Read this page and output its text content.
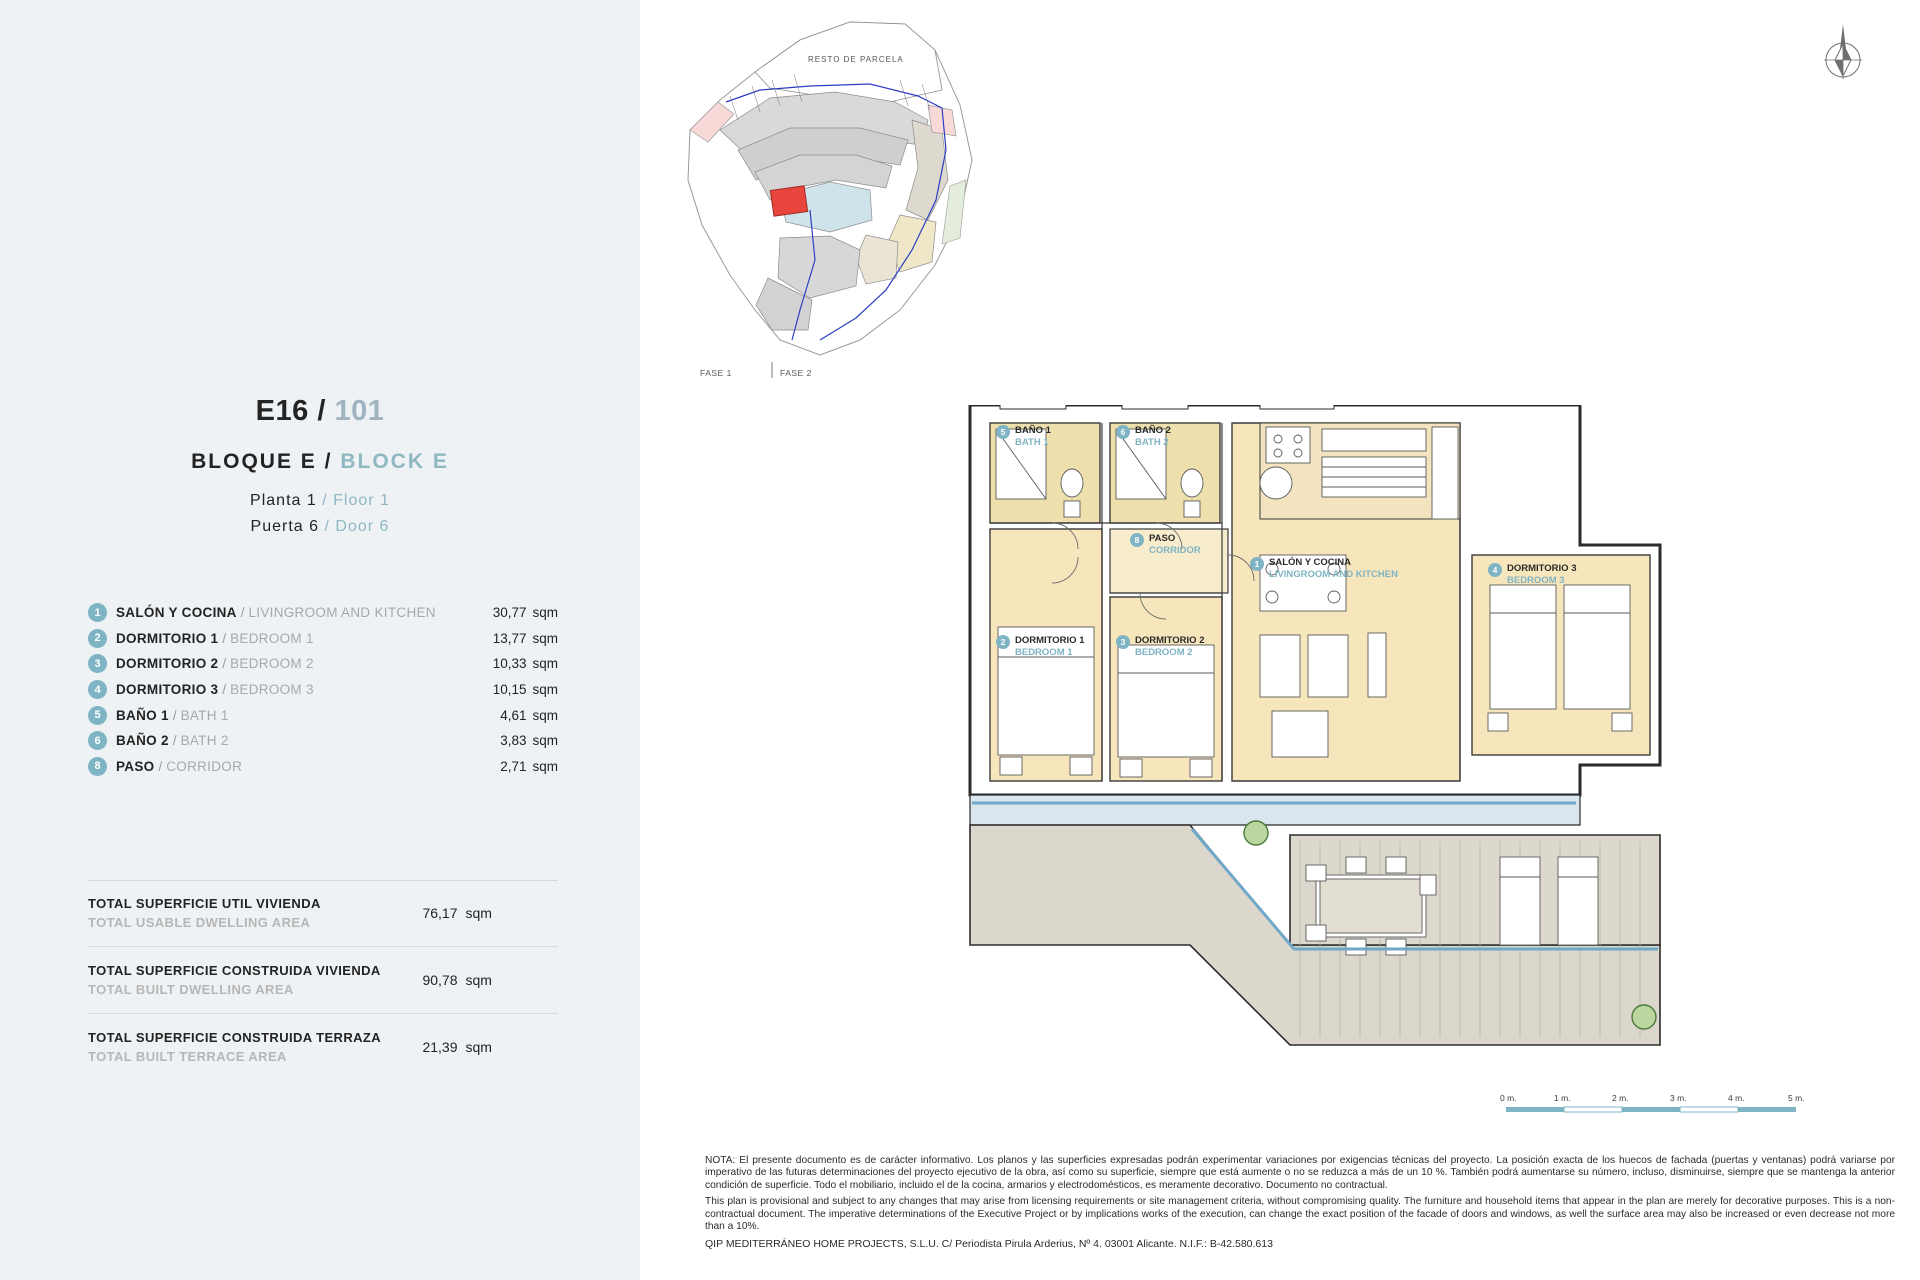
E16 / 101
BLOQUE E / BLOCK E
Planta 1 / Floor 1
Puerta 6 / Door 6
1	SALÓN Y COCINA / LIVINGROOM AND KITCHEN	30,77 sqm
2	DORMITORIO 1 / BEDROOM 1	13,77 sqm
3	DORMITORIO 2 / BEDROOM 2	10,33 sqm
4	DORMITORIO 3 / BEDROOM 3	10,15 sqm
5	BAÑO 1 / BATH 1	4,61 sqm
6	BAÑO 2 / BATH 2	3,83 sqm
8	PASO / CORRIDOR	2,71 sqm
TOTAL SUPERFICIE UTIL VIVIENDA
TOTAL USABLE DWELLING AREA
76,17 sqm
TOTAL SUPERFICIE CONSTRUIDA VIVIENDA
TOTAL BUILT DWELLING AREA
90,78 sqm
TOTAL SUPERFICIE CONSTRUIDA TERRAZA
TOTAL BUILT TERRACE AREA
21,39 sqm
RESTO DE PARCELA
FASE 1	FASE 2
5	BAÑO 1
BATH 1
6	BAÑO 2
BATH 2
8	PASO
CORRIDOR
1	SALÓN Y COCINA
LIVINGROOM AND KITCHEN
2	DORMITORIO 1
BEDROOM 1
3	DORMITORIO 2
BEDROOM 2
4	DORMITORIO 3
BEDROOM 3
0 m.	1 m.	2 m.	3 m.	4 m.	5 m.

NOTA: El presente documento es de carácter informativo. Los planos y las superficies expresadas podrán experimentar variaciones por exigencias técnicas del proyecto. La posición exacta de los huecos de fachada (puertas y ventanas) podrá variarse por imperativo de las futuras determinaciones del proyecto ejecutivo de la obra, así como su superficie, siempre que está aumente o no se reduzca a más de un 10 %. También podrá aumentarse su número, incluso, disminuirse, siempre que se mantenga la anterior condición de superficie. Todo el mobiliario, incluido el de la cocina, armarios y electrodomésticos, es meramente decorativo. Documento no contractual.

This plan is provisional and subject to any changes that may arise from licensing requirements or site management criteria, without compromising quality. The furniture and household items that appear in the plan are merely for decorative purposes. This is a non-contractual document. The imperative determinations of the Executive Project or by implications works of the execution, can change the exact position of the facade of doors and windows, as well the surface area may also be increased or even decrease not more than a 10%.

QIP MEDITERRÁNEO HOME PROJECTS, S.L.U. C/ Periodista Pirula Arderius, Nº 4. 03001 Alicante. N.I.F.: B-42.580.613
